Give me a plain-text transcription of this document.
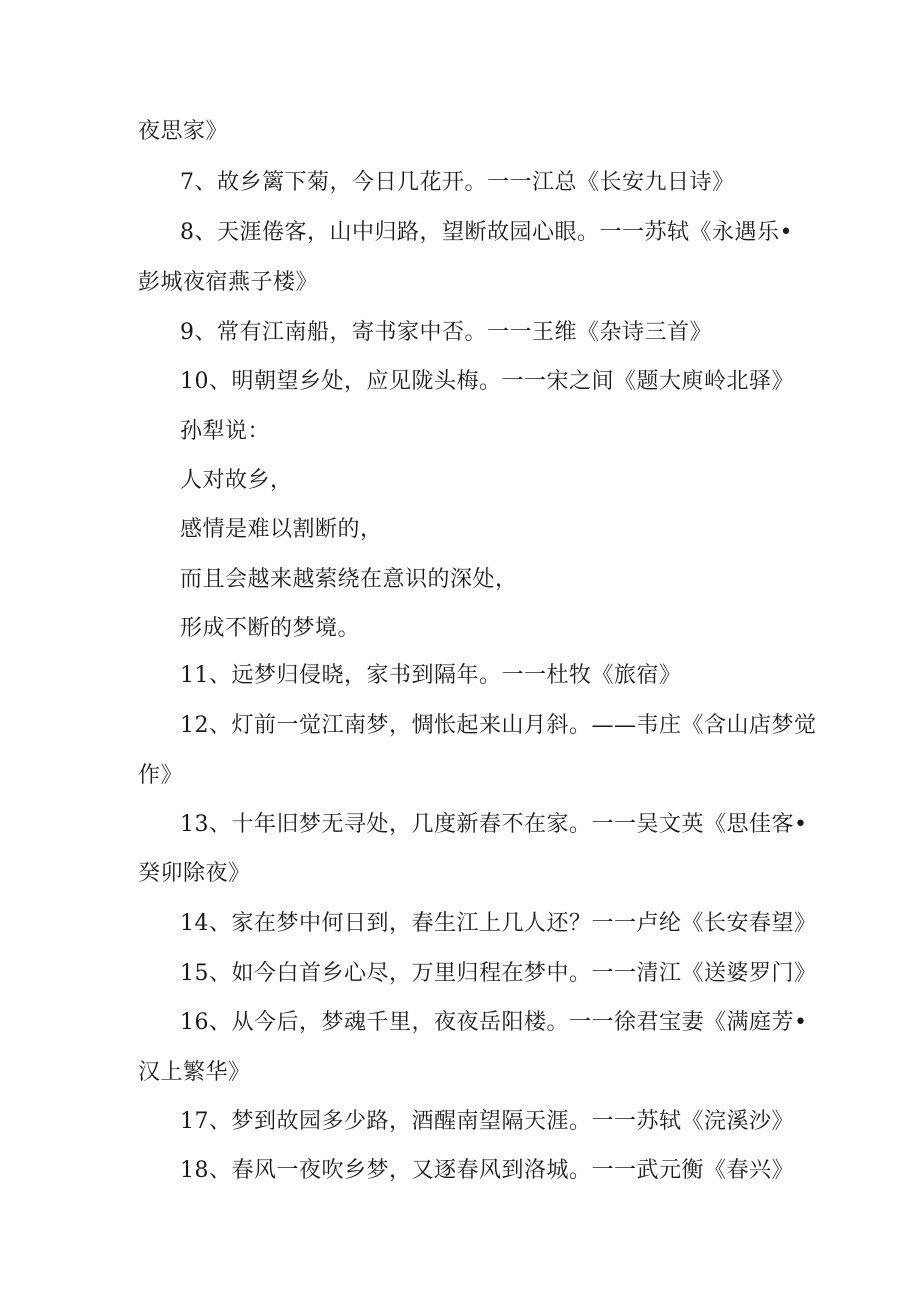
夜思家》
7、故乡篱下菊，今日几花开。一一江总《长安九日诗》
8、天涯倦客，山中归路，望断故园心眼。一一苏轼《永遇乐•
彭城夜宿燕子楼》
9、常有江南船，寄书家中否。一一王维《杂诗三首》
10、明朝望乡处，应见陇头梅。一一宋之间《题大庾岭北驿》
孙犁说：
人对故乡，
感情是难以割断的，
而且会越来越萦绕在意识的深处，
形成不断的梦境。
11、远梦归侵晓，家书到隔年。一一杜牧《旅宿》
12、灯前一觉江南梦，惆怅起来山月斜。——韦庄《含山店梦觉
作》
13、十年旧梦无寻处，几度新春不在家。一一吴文英《思佳客•
癸卯除夜》
14、家在梦中何日到，春生江上几人还？一一卢纶《长安春望》
15、如今白首乡心尽，万里归程在梦中。一一清江《送婆罗门》
16、从今后，梦魂千里，夜夜岳阳楼。一一徐君宝妻《满庭芳•
汉上繁华》
17、梦到故园多少路，酒醒南望隔天涯。一一苏轼《浣溪沙》
18、春风一夜吹乡梦，又逐春风到洛城。一一武元衡《春兴》
